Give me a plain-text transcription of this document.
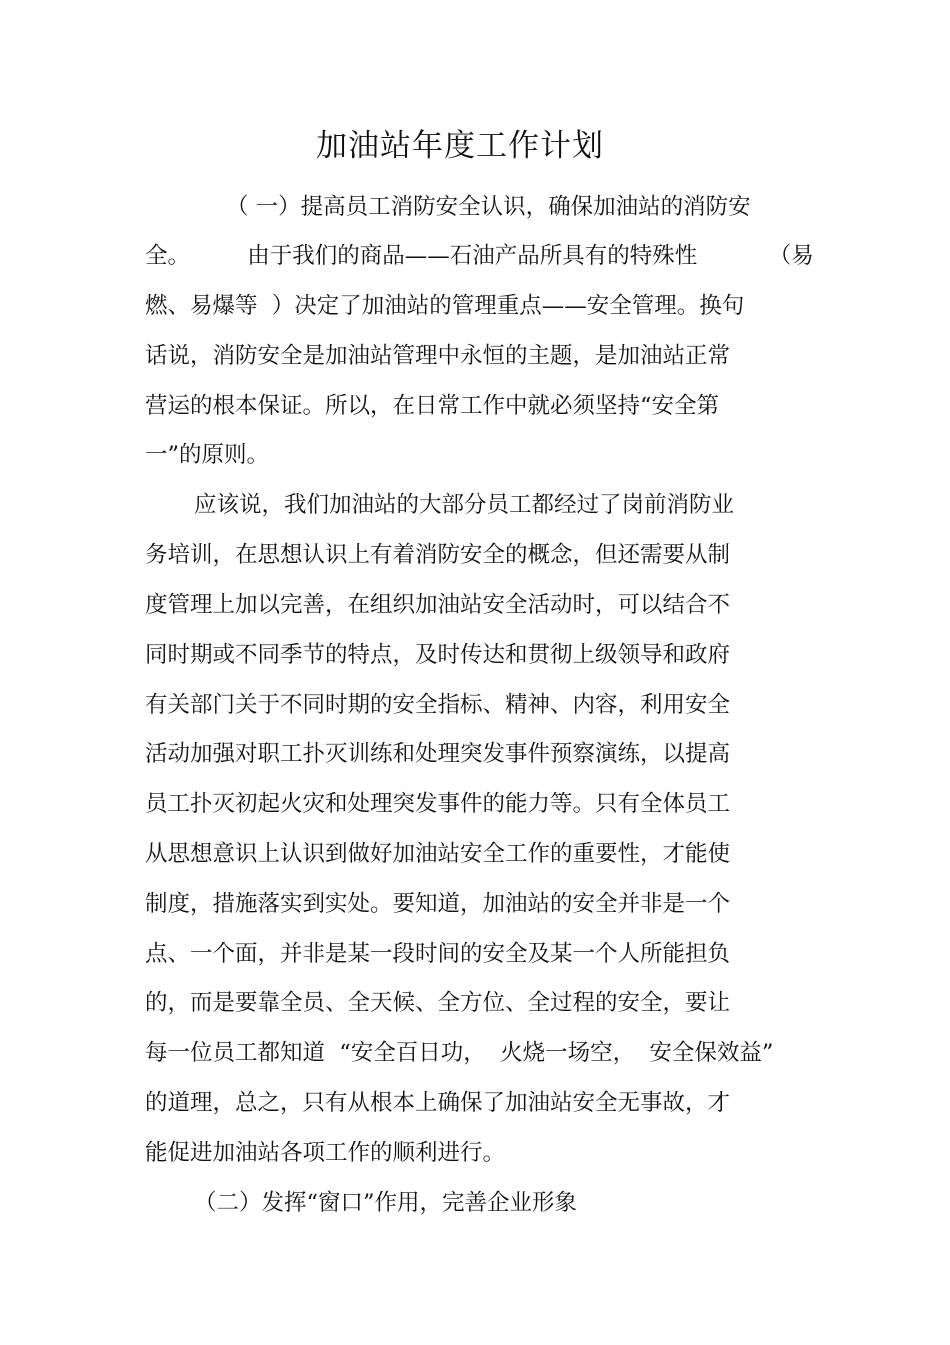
加油站年度工作计划
（ 一）提高员工消防安全认识，确保加油站的消防安
全。        由于我们的商品——石油产品所具有的特殊性          （易
燃、易爆等  ）决定了加油站的管理重点——安全管理。换句
话说，消防安全是加油站管理中永恒的主题，是加油站正常
营运的根本保证。所以，在日常工作中就必须坚持“安全第
一”的原则。
应该说，我们加油站的大部分员工都经过了岗前消防业
务培训，在思想认识上有着消防安全的概念，但还需要从制
度管理上加以完善，在组织加油站安全活动时，可以结合不
同时期或不同季节的特点，及时传达和贯彻上级领导和政府
有关部门关于不同时期的安全指标、精神、内容，利用安全
活动加强对职工扑灭训练和处理突发事件预察演练，以提高
员工扑灭初起火灾和处理突发事件的能力等。只有全体员工
从思想意识上认识到做好加油站安全工作的重要性，才能使
制度，措施落实到实处。要知道，加油站的安全并非是一个
点、一个面，并非是某一段时间的安全及某一个人所能担负
的，而是要靠全员、全天候、全方位、全过程的安全，要让
每一位员工都知道  “安全百日功，  火烧一场空，  安全保效益”
的道理，总之，只有从根本上确保了加油站安全无事故，才
能促进加油站各项工作的顺利进行。
（二）发挥“窗口”作用，完善企业形象
